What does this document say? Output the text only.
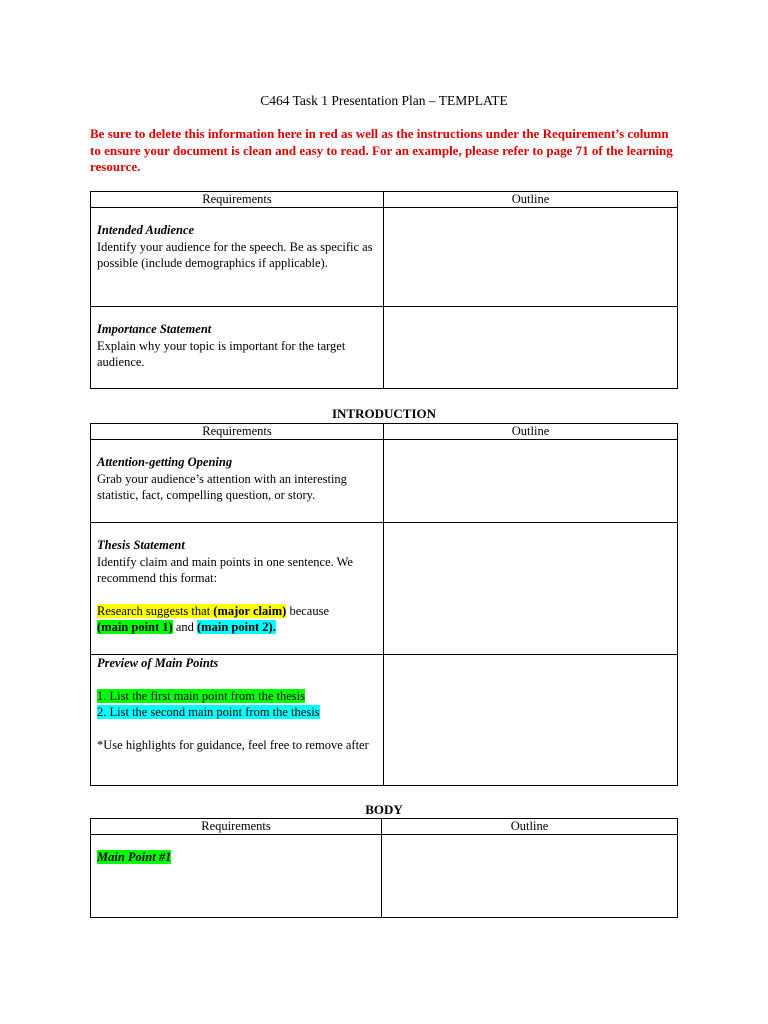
C464 Task 1 Presentation Plan – TEMPLATE
Be sure to delete this information here in red as well as the instructions under the Requirement’s column to ensure your document is clean and easy to read. For an example, please refer to page 71 of the learning resource.
Requirements	Outline

Intended Audience
Identify your audience for the speech. Be as specific as possible (include demographics if applicable).	

Importance Statement
Explain why your topic is important for the target audience.	

INTRODUCTION
Requirements	Outline

Attention-getting Opening
Grab your audience’s attention with an interesting statistic, fact, compelling question, or story.	

Thesis Statement
Identify claim and main points in one sentence. We recommend this format:
Research suggests that (major claim) because
(main point 1) and (main point 2).	

Preview of Main Points
1. List the first main point from the thesis
2. List the second main point from the thesis
*Use highlights for guidance, feel free to remove after	

BODY
Requirements	Outline
Main Point #1	
